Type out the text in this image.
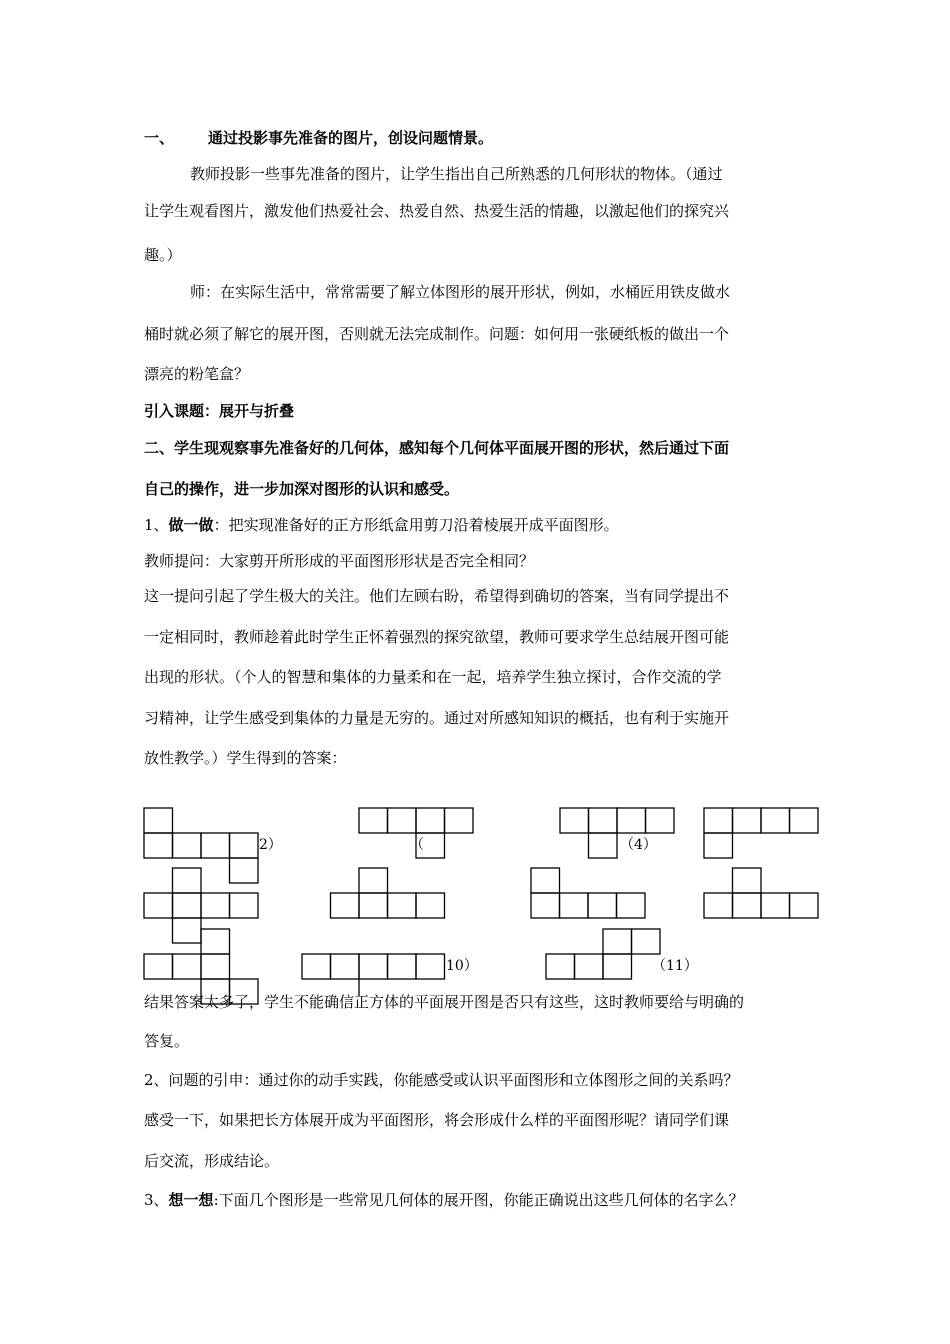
一、 通过投影事先准备的图片，创设问题情景。
教师投影一些事先准备的图片，让学生指出自己所熟悉的几何形状的物体。（通过
让学生观看图片，激发他们热爱社会、热爱自然、热爱生活的情趣，以激起他们的探究兴
趣。）
师：在实际生活中，常常需要了解立体图形的展开形状，例如，水桶匠用铁皮做水
桶时就必须了解它的展开图，否则就无法完成制作。问题：如何用一张硬纸板的做出一个
漂亮的粉笔盒？
引入课题：展开与折叠
二、学生现观察事先准备好的几何体，感知每个几何体平面展开图的形状，然后通过下面
自己的操作，进一步加深对图形的认识和感受。
1、做一做：把实现准备好的正方形纸盒用剪刀沿着棱展开成平面图形。
教师提问：大家剪开所形成的平面图形形状是否完全相同？
这一提问引起了学生极大的关注。他们左顾右盼，希望得到确切的答案，当有同学提出不
一定相同时，教师趁着此时学生正怀着强烈的探究欲望，教师可要求学生总结展开图可能
出现的形状。（个人的智慧和集体的力量柔和在一起，培养学生独立探讨，合作交流的学
习精神，让学生感受到集体的力量是无穷的。通过对所感知知识的概括，也有利于实施开
放性教学。）学生得到的答案：
2）	（	（4）
10）	（11）
结果答案太多了，学生不能确信正方体的平面展开图是否只有这些，这时教师要给与明确的
答复。
2、问题的引申：通过你的动手实践，你能感受或认识平面图形和立体图形之间的关系吗？
感受一下，如果把长方体展开成为平面图形，将会形成什么样的平面图形呢？请同学们课
后交流，形成结论。
3、想一想:下面几个图形是一些常见几何体的展开图，你能正确说出这些几何体的名字么？
